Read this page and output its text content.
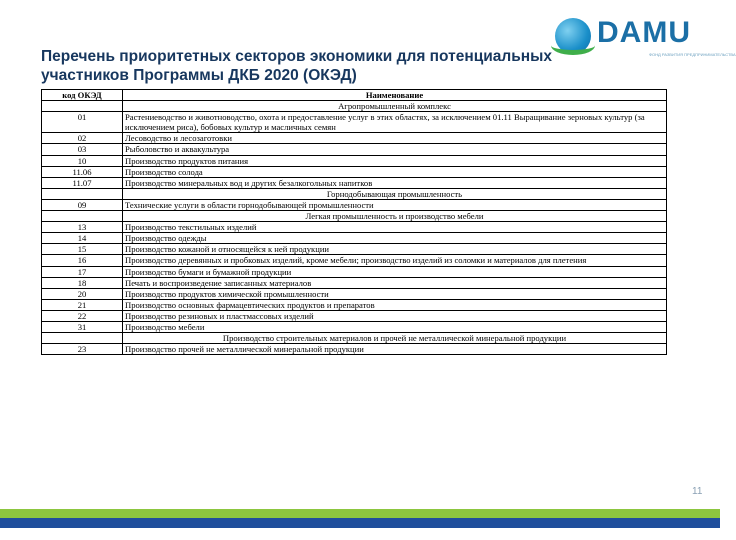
DAMU
ФОНД РАЗВИТИЯ ПРЕДПРИНИМАТЕЛЬСТВА
Перечень приоритетных секторов экономики для потенциальных участников Программы ДКБ 2020 (ОКЭД)
код ОКЭД	Наименование
	Агропромышленный комплекс
01	Растениеводство и животноводство, охота и предоставление услуг в этих областях, за исключением 01.11 Выращивание зерновых культур (за исключением риса), бобовых культур и масличных семян
02	Лесоводство и лесозаготовки
03	Рыболовство и аквакультура
10	Производство продуктов питания
11.06	Производство солода
11.07	Производство минеральных вод и других безалкогольных напитков
	Горнодобывающая промышленность
09	Технические услуги в области горнодобывающей промышленности
	Легкая промышленность и производство мебели
13	Производство текстильных изделий
14	Производство одежды
15	Производство кожаной и относящейся к ней продукции
16	Производство деревянных и пробковых изделий, кроме мебели; производство изделий из соломки и материалов для плетения
17	Производство бумаги и бумажной продукции
18	Печать и воспроизведение записанных материалов
20	Производство продуктов химической промышленности
21	Производство основных фармацевтических продуктов и препаратов
22	Производство резиновых и пластмассовых изделий
31	Производство мебели
	Производство строительных материалов и прочей не металлической минеральной продукции
23	Производство прочей не металлической минеральной продукции
11
